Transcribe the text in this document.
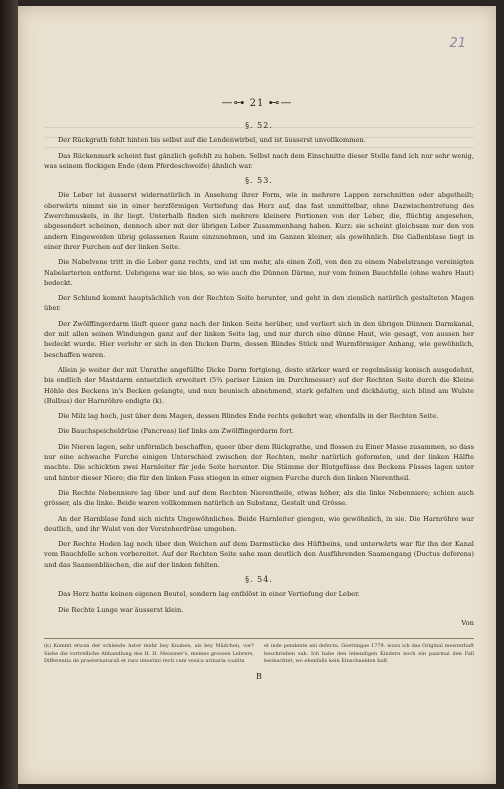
21
—⊶ 21 ⊷—
§. 52.

Der Rückgrath fehlt hinten bis selbst auf die Lendenwirbel, und ist äusserst unvollkommen.

Das Rückenmark scheint fast gänzlich gefehlt zu haben. Selbst nach dem Einschnitte dieser Stelle fand ich nur sehr wenig, was seinem flockigen Ende (dem Pferdeschweife) ähnlich war.

§. 53.

Die Leber ist äusserst widernatürlich in Ansehung ihrer Form, wie in mehrere Lappen zerschnitten oder abgetheilt; oberwärts nimmt sie in einer herzförmigen Vertiefung das Herz auf, das fast unmittelbar, ohne Dazwischentretung des Zwerchmuskels, in ihr liegt. Unterhalb finden sich mehrere kleinere Portionen von der Leber, die, flüchtig angesehen, abgesondert scheinen, dennoch aber mit der übrigen Leber Zusammenhang haben. Kurz: sie scheint gleichsam nur den von andern Eingeweiden übrig gelassenen Raum einzunehmen, und im Ganzen kleiner, als gewöhnlich. Die Gallenblase liegt in einer ihrer Furchen auf der linken Seite.

Die Nabelvene tritt in die Leber ganz rechts, und ist um mehr, als einen Zoll, von den zu einem Nabelstrange vereinigten Nabelarterien entfernt. Uebrigens war sie blos, so wie auch die Dünnen Därme, nur vom feinen Bauchfelle (ohne wahre Haut) bedeckt.

Der Schlund kommt hauptsächlich von der Rechten Seite herunter, und geht in den ziemlich natürlich gestalteten Magen über.

Der Zwölffingerdarm läuft queer ganz nach der linken Seite herüber, und verliert sich in den übrigen Dünnen Darmkanal, der mit allen seinen Windungen ganz auf der linken Seite lag, und nur durch eine dünne Haut, wie gesagt, von aussen her bedeckt wurde. Hier verlohr er sich in den Dicken Darm, dessen Blindes Stück und Wurmförmiger Anhang, wie gewöhnlich, beschaffen waren.

Allein je weiter der mit Unrathe angefüllte Dicke Darm fortgieng, desto stärker ward er regelmässig konisch ausgedehnt, bis endlich der Mastdarm entsetzlich erweitert (5¾ pariser Linien im Durchmesser) auf der Rechten Seite durch die Kleine Höhle des Beckens in's Becken gelangte, und nun heunisch abnehmend, stark gefalten und dickhäutig, sich blind am Wulste (Bulbus) der Harnröhre endigte (k).

Die Milz lag hoch, just über dem Magen, dessen Blindes Ende rechts gekehrt war, ebenfalls in der Rechten Seite.

Die Bauchspeicheldrüse (Pancreas) lief links am Zwölffingerdarm fort.

Die Nieren lagen, sehr unförmlich beschaffen, queer über dem Rückgrathe, und flossen zu Einer Masse zusammen, so dass nur eine schwache Furche einigen Unterschied zwischen der Rechten, mehr natürlich geformten, und der linken Hälfte machte. Die schickten zwei Harnleiter für jede Seite herunter. Die Stämme der Blutgefässe des Beckens Füsses lagen unter und hinter dieser Niere; die für den linken Fuss stiegen in einer eignen Furche durch den linken Nierentheil.

Die Rechte Nebenniere lag über und auf dem Rechten Nierentheile, etwas höher, als die linke Nebenniere; schien auch grösser, als die linke. Beide waren vollkommen natürlich an Substanz, Gestalt und Grösse.

An der Harnblase fand sich nichts Ungewöhnliches. Beide Harnleiter giengen, wie gewöhnlich, in sie. Die Harnröhre war deutlich, und ihr Wulst von der Vorsteherdrüse umgeben.

Der Rechte Hoden lag noch über den Weichen auf dem Darmstücke des Hüftbeins, und unterwärts war für ihn der Kanal vom Bauchfelle schon vorbereitet. Auf der Rechten Seite sahe man deutlich den Ausführenden Saamengang (Ductus deferens) und das Saamenbläschen, die auf der linken fehlten.

§. 54.

Das Herz hatte keinen eigenen Beutel, sondern lag entblöst in einer Vertiefung der Leber.

Die Rechte Lunge war äusserst klein.

Von
(k) Kommt etwan der schlende Aster mehr bey Knaben, als bey Mädchen, vor? Siehe die vortrefliche Abhandlung des H. H. Meissner's, meines grossen Lehrers, Differentia de praeternaturali et raro intestini recti cum vesica urinaria coalitu
et inde pendente ani defectu. Goettingae 1779. wozu ich das Original meisterhaft beschrieben sah. Ich habe den lebendigen Kindern noch ein paarmal den Fall beobachtet, wo ebenfalls kein Einschneiden half.
B
